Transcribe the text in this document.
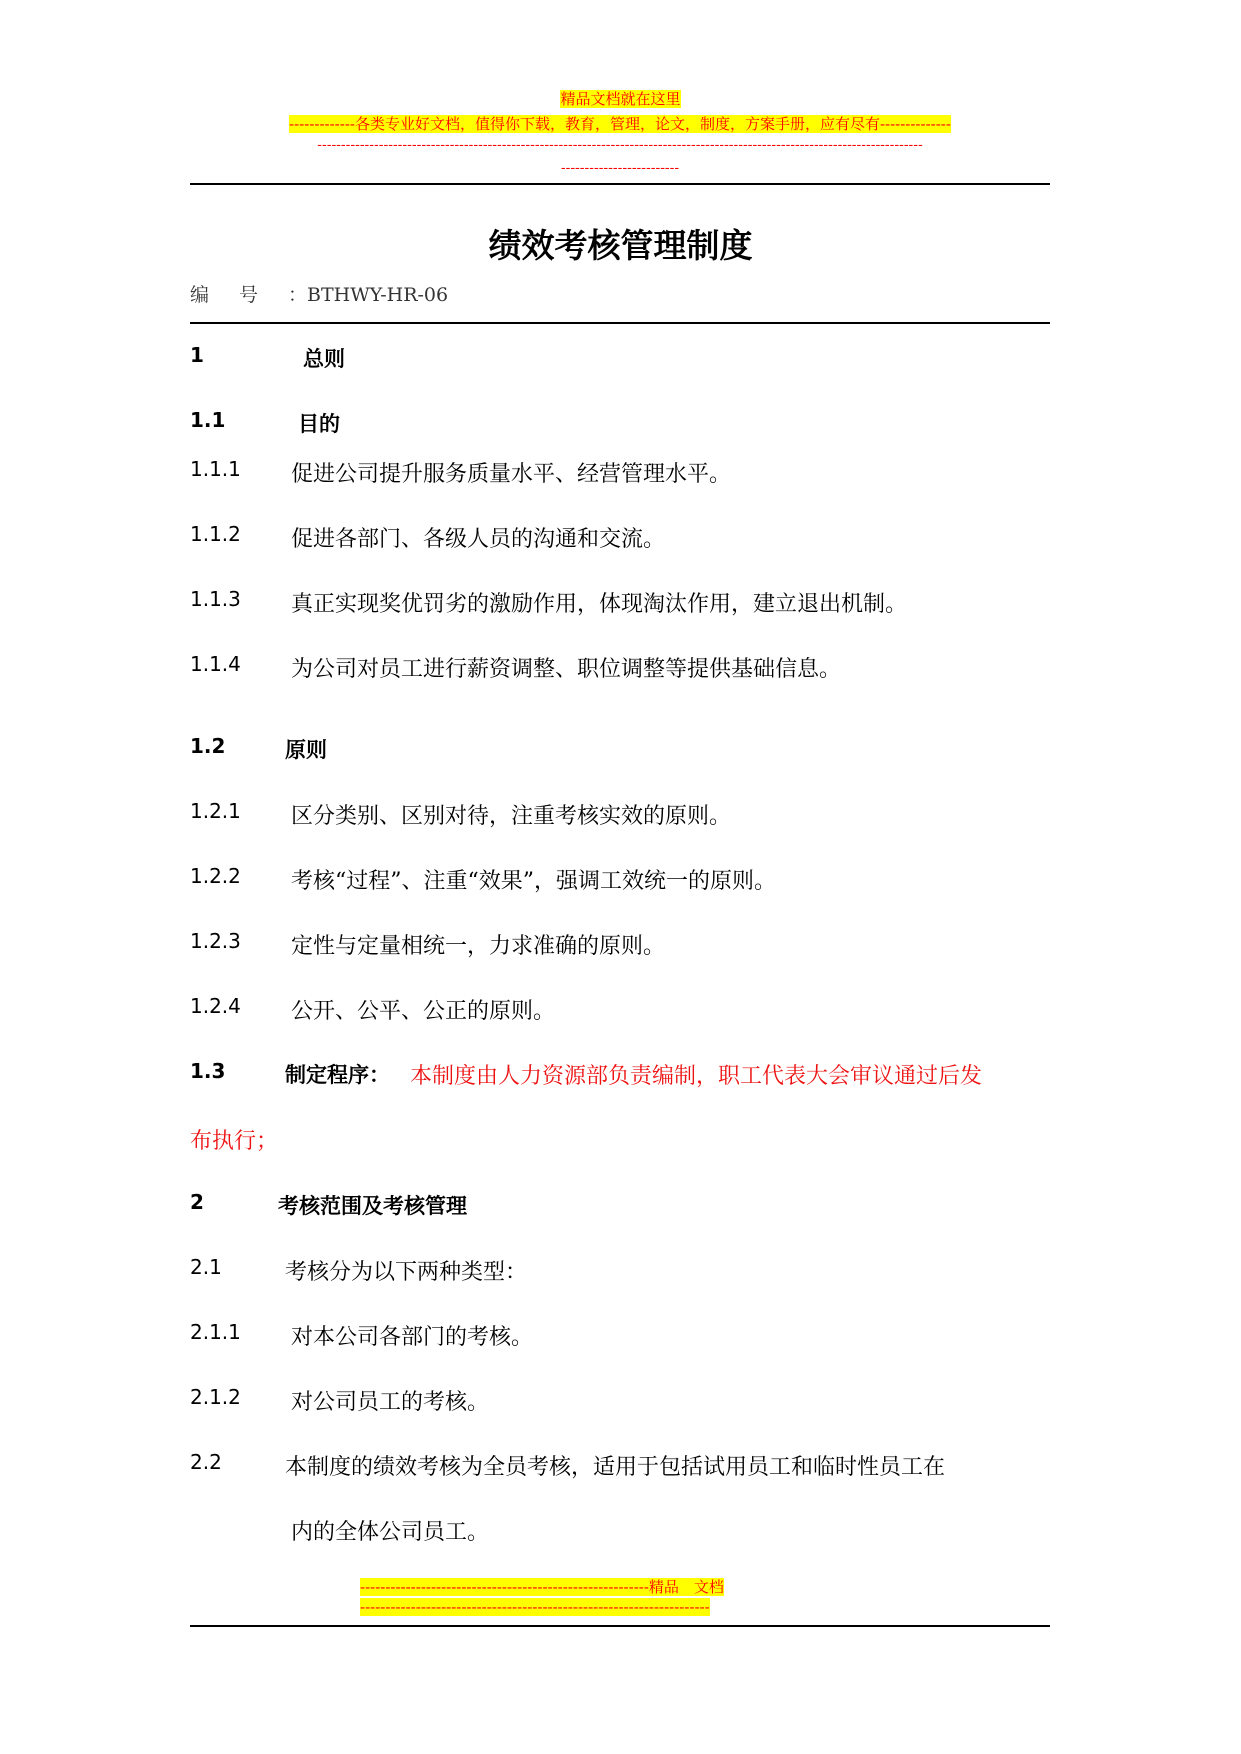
精品文档就在这里
-------------各类专业好文档，值得你下载，教育，管理，论文，制度，方案手册，应有尽有--------------
--------------------------------------------------------------------------------------------------------------------------------
-------------------------
绩效考核管理制度
编号：BTHWY-HR-06
1	总则
1.1	目的
1.1.1 促进公司提升服务质量水平、经营管理水平。
1.1.2 促进各部门、各级人员的沟通和交流。
1.1.3 真正实现奖优罚劣的激励作用，体现淘汰作用，建立退出机制。
1.1.4 为公司对员工进行薪资调整、职位调整等提供基础信息。
1.2	原则
1.2.1 区分类别、区别对待，注重考核实效的原则。
1.2.2 考核“过程”、注重“效果”，强调工效统一的原则。
1.2.3 定性与定量相统一，力求准确的原则。
1.2.4 公开、公平、公正的原则。
1.3	制定程序： 本制度由人力资源部负责编制，职工代表大会审议通过后发
布执行；
2	考核范围及考核管理
2.1	考核分为以下两种类型：
2.1.1 对本公司各部门的考核。
2.1.2 对公司员工的考核。
2.2	本制度的绩效考核为全员考核，适用于包括试用员工和临时性员工在
内的全体公司员工。
---------------------------------------------------------精品　文档
---------------------------------------------------------------------
